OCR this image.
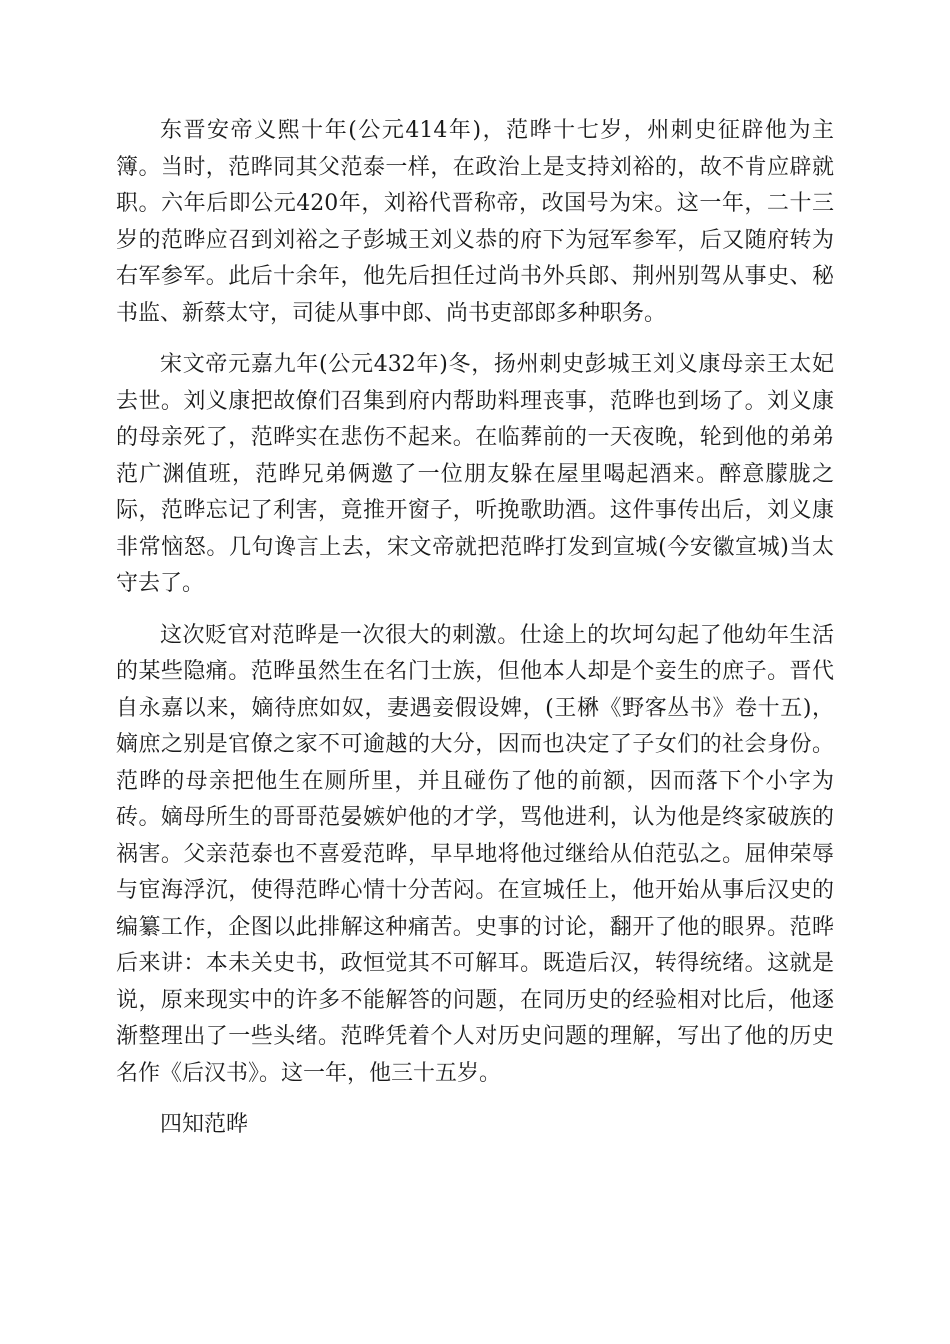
东晋安帝义熙十年(公元414年)，范晔十七岁，州刺史征辟他为主簿。当时，范晔同其父范泰一样，在政治上是支持刘裕的，故不肯应辟就职。六年后即公元420年，刘裕代晋称帝，改国号为宋。这一年，二十三岁的范晔应召到刘裕之子彭城王刘义恭的府下为冠军参军，后又随府转为右军参军。此后十余年，他先后担任过尚书外兵郎、荆州别驾从事史、秘书监、新蔡太守，司徒从事中郎、尚书吏部郎多种职务。

宋文帝元嘉九年(公元432年)冬，扬州刺史彭城王刘义康母亲王太妃去世。刘义康把故僚们召集到府内帮助料理丧事，范晔也到场了。刘义康的母亲死了，范晔实在悲伤不起来。在临葬前的一天夜晚，轮到他的弟弟范广渊值班，范晔兄弟俩邀了一位朋友躲在屋里喝起酒来。醉意朦胧之际，范晔忘记了利害，竟推开窗子，听挽歌助酒。这件事传出后，刘义康非常恼怒。几句谗言上去，宋文帝就把范晔打发到宣城(今安徽宣城)当太守去了。

这次贬官对范晔是一次很大的刺激。仕途上的坎坷勾起了他幼年生活的某些隐痛。范晔虽然生在名门士族，但他本人却是个妾生的庶子。晋代自永嘉以来，嫡待庶如奴，妻遇妾假设婢，(王楙《野客丛书》卷十五)，嫡庶之别是官僚之家不可逾越的大分，因而也决定了子女们的社会身份。范晔的母亲把他生在厕所里，并且碰伤了他的前额，因而落下个小字为砖。嫡母所生的哥哥范晏嫉妒他的才学，骂他进利，认为他是终家破族的祸害。父亲范泰也不喜爱范晔，早早地将他过继给从伯范弘之。屈伸荣辱与宦海浮沉，使得范晔心情十分苦闷。在宣城任上，他开始从事后汉史的编纂工作，企图以此排解这种痛苦。史事的讨论，翻开了他的眼界。范晔后来讲：本未关史书，政恒觉其不可解耳。既造后汉，转得统绪。这就是说，原来现实中的许多不能解答的问题，在同历史的经验相对比后，他逐渐整理出了一些头绪。范晔凭着个人对历史问题的理解，写出了他的历史名作《后汉书》。这一年，他三十五岁。

四知范晔
